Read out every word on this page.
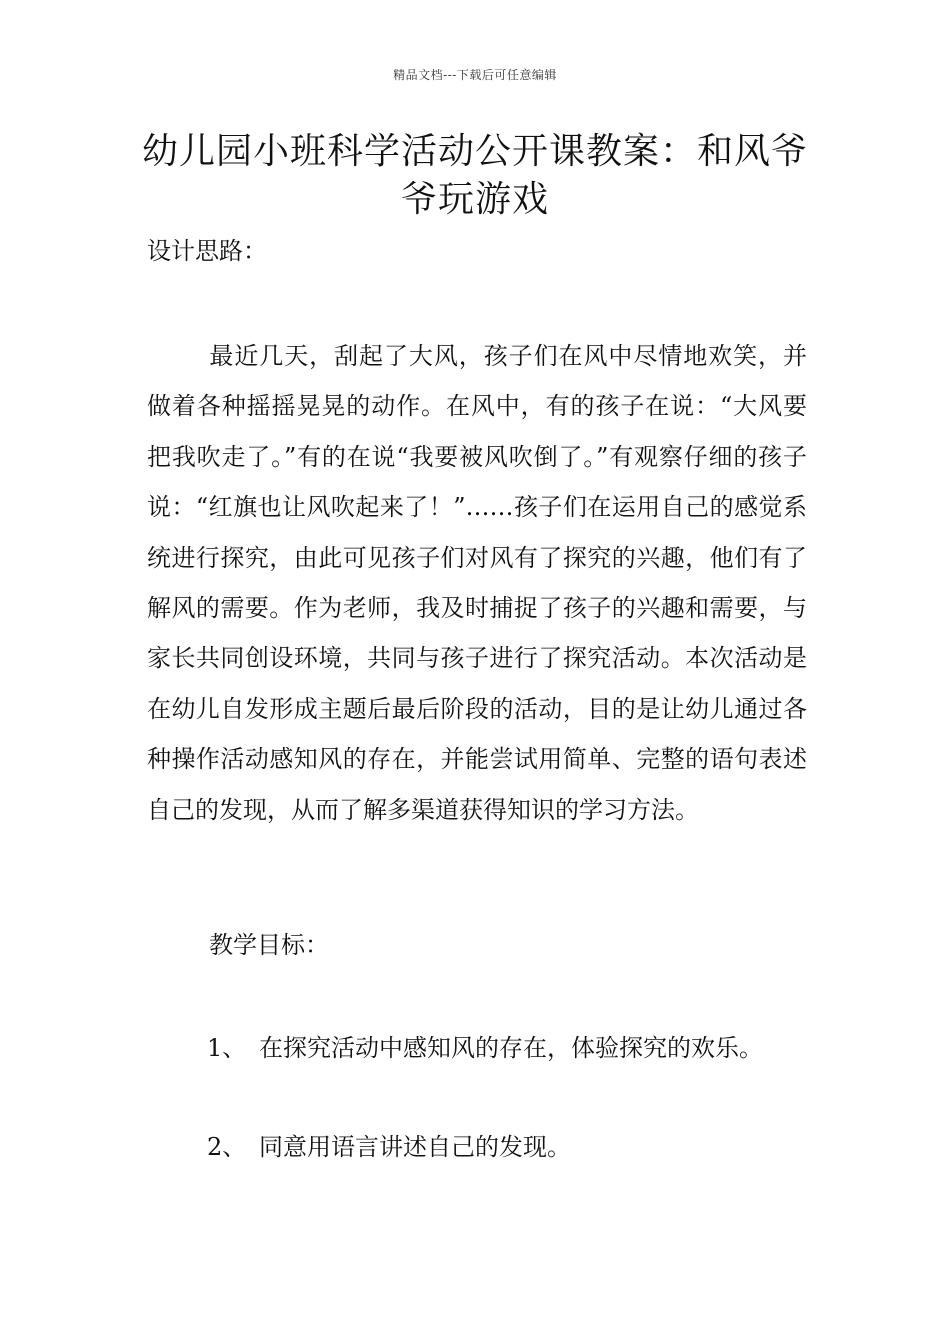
精品文档---下载后可任意编辑
幼儿园小班科学活动公开课教案：和风爷爷玩游戏
设计思路：

最近几天，刮起了大风，孩子们在风中尽情地欢笑，并做着各种摇摇晃晃的动作。在风中，有的孩子在说：“大风要把我吹走了。”有的在说“我要被风吹倒了。”有观察仔细的孩子说：“红旗也让风吹起来了！”……孩子们在运用自己的感觉系统进行探究，由此可见孩子们对风有了探究的兴趣，他们有了解风的需要。作为老师，我及时捕捉了孩子的兴趣和需要，与家长共同创设环境，共同与孩子进行了探究活动。本次活动是在幼儿自发形成主题后最后阶段的活动，目的是让幼儿通过各种操作活动感知风的存在，并能尝试用简单、完整的语句表述自己的发现，从而了解多渠道获得知识的学习方法。

教学目标：
1、 在探究活动中感知风的存在，体验探究的欢乐。
2、 同意用语言讲述自己的发现。
